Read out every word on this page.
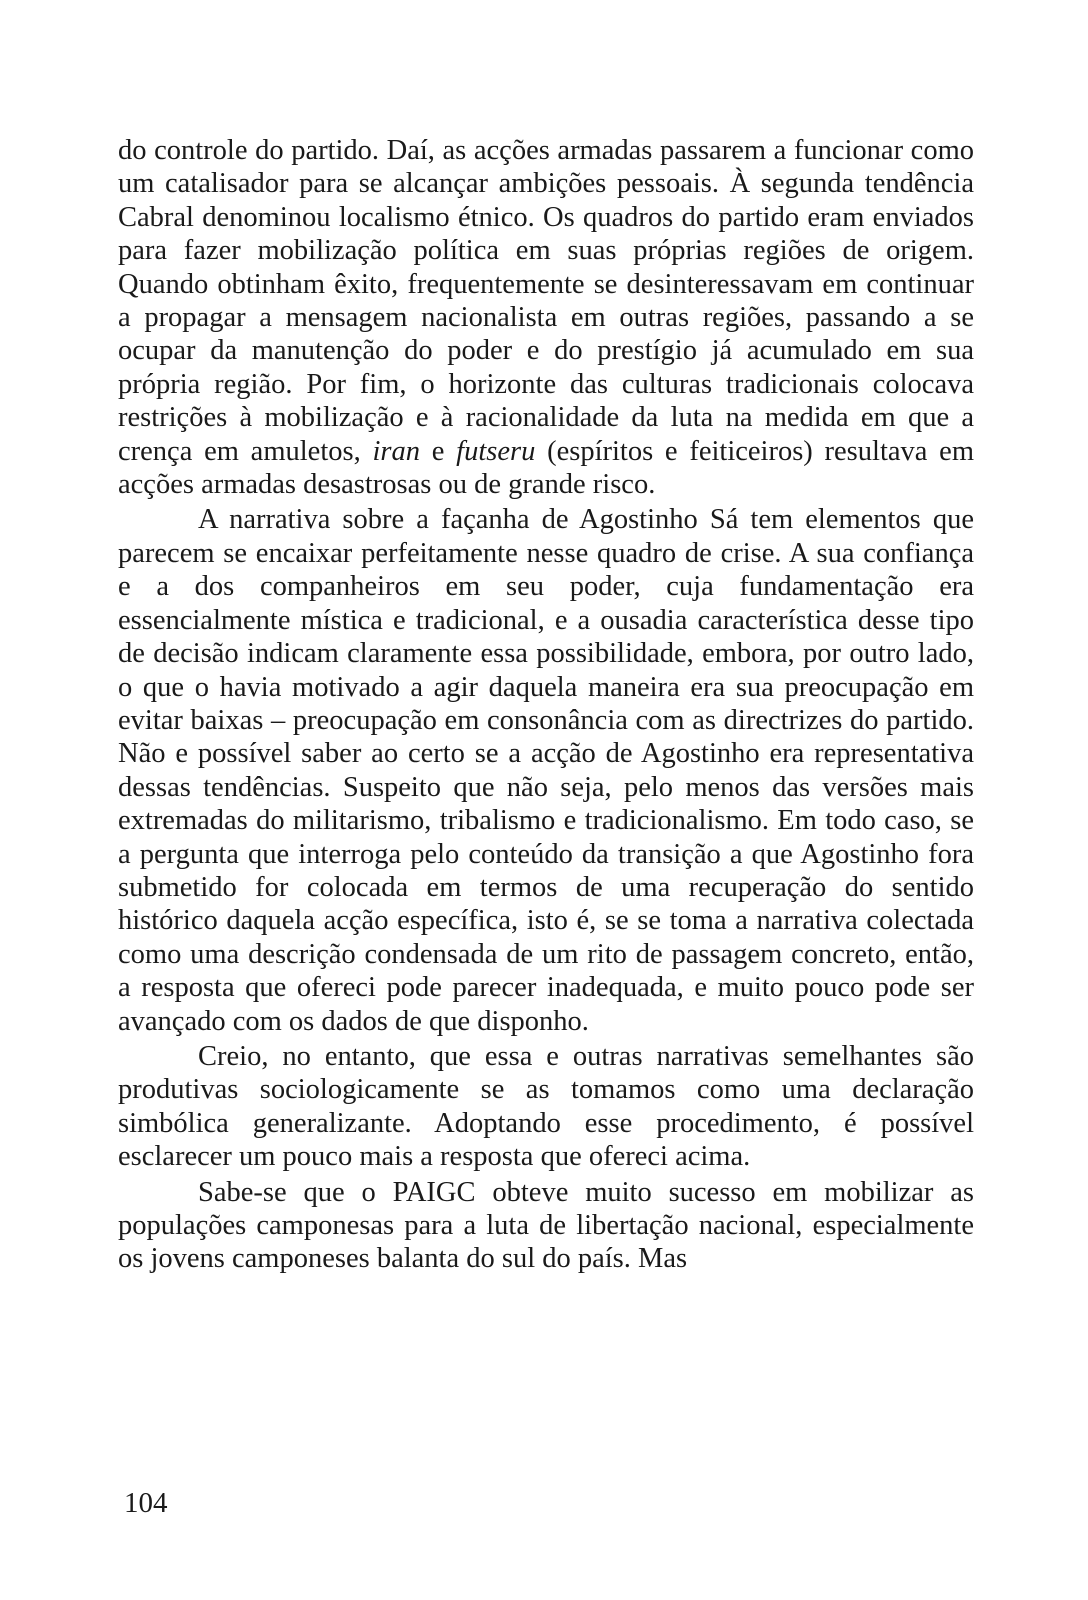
do controle do partido. Daí, as acções armadas passarem a funcionar como um catalisador para se alcançar ambições pessoais. À segunda tendência Cabral denominou localismo étnico. Os quadros do partido eram enviados para fazer mobilização política em suas próprias regiões de origem. Quando obtinham êxito, frequentemente se desinteressavam em continuar a propagar a mensagem nacionalista em outras regiões, passando a se ocupar da manutenção do poder e do prestígio já acumulado em sua própria região. Por fim, o horizonte das culturas tradicionais colocava restrições à mobilização e à racionalidade da luta na medida em que a crença em amuletos, iran e futseru (espíritos e feiticeiros) resultava em acções armadas desastrosas ou de grande risco.

A narrativa sobre a façanha de Agostinho Sá tem elementos que parecem se encaixar perfeitamente nesse quadro de crise. A sua confiança e a dos companheiros em seu poder, cuja fundamentação era essencialmente mística e tradicional, e a ousadia característica desse tipo de decisão indicam claramente essa possibilidade, embora, por outro lado, o que o havia motivado a agir daquela maneira era sua preocupação em evitar baixas – preocupação em consonância com as directrizes do partido. Não e possível saber ao certo se a acção de Agostinho era representativa dessas tendências. Suspeito que não seja, pelo menos das versões mais extremadas do militarismo, tribalismo e tradicionalismo. Em todo caso, se a pergunta que interroga pelo conteúdo da transição a que Agostinho fora submetido for colocada em termos de uma recuperação do sentido histórico daquela acção específica, isto é, se se toma a narrativa colectada como uma descrição condensada de um rito de passagem concreto, então, a resposta que ofereci pode parecer inadequada, e muito pouco pode ser avançado com os dados de que disponho.

Creio, no entanto, que essa e outras narrativas semelhantes são produtivas sociologicamente se as tomamos como uma declaração simbólica generalizante. Adoptando esse procedimento, é possível esclarecer um pouco mais a resposta que ofereci acima.

Sabe-se que o PAIGC obteve muito sucesso em mobilizar as populações camponesas para a luta de libertação nacional, especialmente os jovens camponeses balanta do sul do país. Mas

104
